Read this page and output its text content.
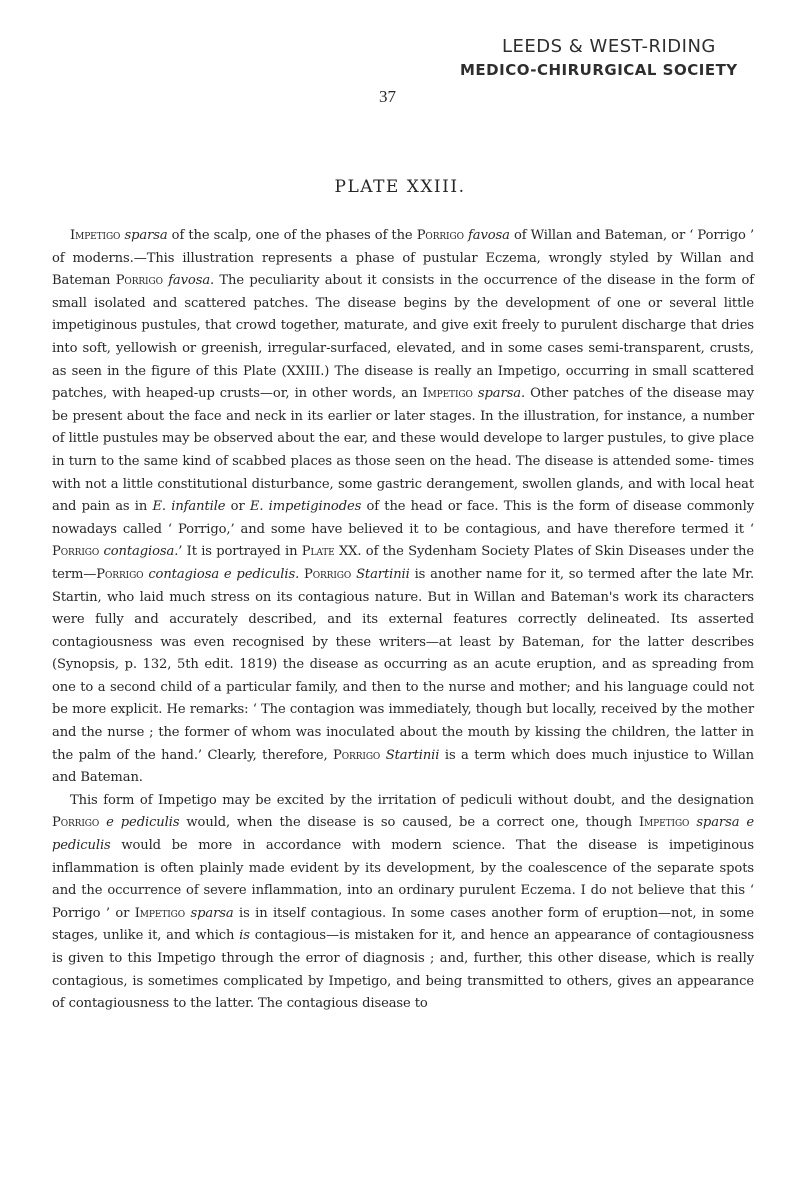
LEEDS & WEST-RIDING
MEDICO-CHIRURGICAL SOCIETY
37
PLATE XXIII.

Impetigo sparsa of the scalp, one of the phases of the Porrigo favosa of Willan and Bateman, or ‘ Porrigo ’ of moderns.—This illustration represents a phase of pustular Eczema, wrongly styled by Willan and Bateman Porrigo favosa. The peculiarity about it consists in the occurrence of the disease in the form of small isolated and scattered patches. The disease begins by the development of one or several little impetiginous pustules, that crowd together, maturate, and give exit freely to purulent discharge that dries into soft, yellowish or greenish, irregular-surfaced, elevated, and in some cases semi-transparent, crusts, as seen in the figure of this Plate (XXIII.) The disease is really an Impetigo, occurring in small scattered patches, with heaped-up crusts—or, in other words, an Impetigo sparsa. Other patches of the disease may be present about the face and neck in its earlier or later stages. In the illustration, for instance, a number of little pustules may be observed about the ear, and these would develope to larger pustules, to give place in turn to the same kind of scabbed places as those seen on the head. The disease is attended some- times with not a little constitutional disturbance, some gastric derangement, swollen glands, and with local heat and pain as in E. infantile or E. impetiginodes of the head or face. This is the form of disease commonly nowadays called ‘ Porrigo,’ and some have believed it to be contagious, and have therefore termed it ‘ Porrigo contagiosa.’ It is portrayed in Plate XX. of the Sydenham Society Plates of Skin Diseases under the term—Porrigo contagiosa e pediculis. Porrigo Startinii is another name for it, so termed after the late Mr. Startin, who laid much stress on its contagious nature. But in Willan and Bateman's work its characters were fully and accurately described, and its external features correctly delineated. Its asserted contagiousness was even recognised by these writers—at least by Bateman, for the latter describes (Synopsis, p. 132, 5th edit. 1819) the disease as occurring as an acute eruption, and as spreading from one to a second child of a particular family, and then to the nurse and mother; and his language could not be more explicit. He remarks: ‘ The contagion was immediately, though but locally, received by the mother and the nurse ; the former of whom was inoculated about the mouth by kissing the children, the latter in the palm of the hand.’ Clearly, therefore, Porrigo Startinii is a term which does much injustice to Willan and Bateman.

This form of Impetigo may be excited by the irritation of pediculi without doubt, and the designation Porrigo e pediculis would, when the disease is so caused, be a correct one, though Impetigo sparsa e pediculis would be more in accordance with modern science. That the disease is impetiginous inflammation is often plainly made evident by its development, by the coalescence of the separate spots and the occurrence of severe inflammation, into an ordinary purulent Eczema. I do not believe that this ‘ Porrigo ’ or Impetigo sparsa is in itself contagious. In some cases another form of eruption—not, in some stages, unlike it, and which is contagious—is mistaken for it, and hence an appearance of contagiousness is given to this Impetigo through the error of diagnosis ; and, further, this other disease, which is really contagious, is sometimes complicated by Impetigo, and being transmitted to others, gives an appearance of contagiousness to the latter. The contagious disease to
